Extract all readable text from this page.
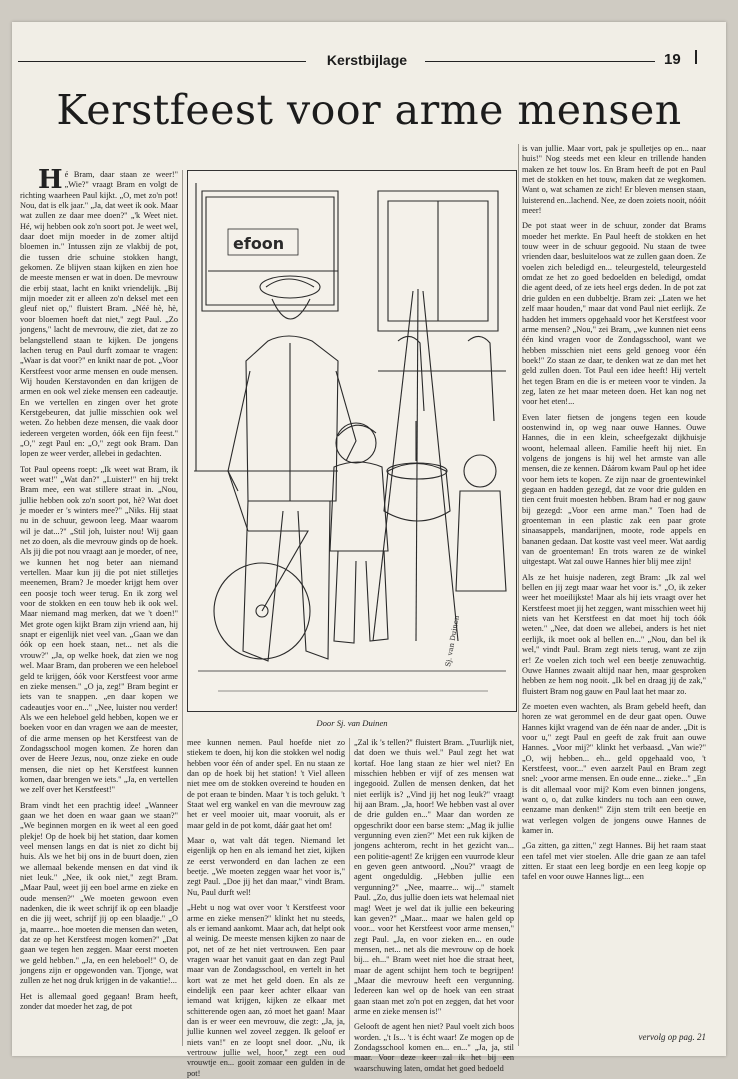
Kerstbijlage	19
Kerstfeest voor arme mensen

Hé Bram, daar staan ze weer!" „Wie?" vraagt Bram en volgt de richting waarheen Paul kijkt. „O, met zo'n pot! Nou, dat is elk jaar." „Ja, dat weet ik ook. Maar wat zullen ze daar mee doen?" „'k Weet niet. Hé, wij hebben ook zo'n soort pot. Je weet wel, daar doet mijn moeder in de zomer altijd bloemen in." Intussen zijn ze vlakbij de pot, die tussen drie schuine stokken hangt, gekomen. Ze blijven staan kijken en zien hoe de meeste mensen er wat in doen. De mevrouw die erbij staat, lacht en knikt vriendelijk. „Bij mijn moeder zit er alleen zo'n deksel met een gleuf niet op," fluistert Bram. „Néé hè, hè, voor bloemen hoeft dat niet," zegt Paul. „Zo jongens," lacht de mevrouw, die ziet, dat ze zo belangstellend staan te kijken. De jongens lachen terug en Paul durft zomaar te vragen: „Waar is dat voor?" en knikt naar de pot. „Voor Kerstfeest voor arme mensen en oude mensen. Wij houden Kerstavonden en dan krijgen de armen en ook wel zieke mensen een cadeautje. En we vertellen en zingen over het grote Kerstgebeuren, dat jullie misschien ook wel weten. Zo hebben deze mensen, die vaak door iedereen vergeten worden, óók een fijn feest." „O," zegt Paul en: „O," zegt ook Bram. Dan lopen ze weer verder, allebei in gedachten.

Tot Paul opeens roept: „Ik weet wat Bram, ik weet wat!" „Wat dan?" „Luister!" en hij trekt Bram mee, een wat stillere straat in. „Nou, jullie hebben ook zo'n soort pot, hè? Wat doet je moeder er 's winters mee?" „Niks. Hij staat nu in de schuur, gewoon leeg. Maar waarom wil je dat...?" „Stil joh, luister nou! Wij gaan net zo doen, als die mevrouw ginds op de hoek. Als jij die pot nou vraagt aan je moeder, of nee, we kunnen het nog beter aan niemand vertellen. Maar kun jij die pot niet stilletjes meenemen, Bram? Je moeder krijgt hem over een poosje toch weer terug. En ik zorg wel voor de stokken en een touw heb ik ook wel. Maar niemand mag merken, dat we 't doen!" Met grote ogen kijkt Bram zijn vriend aan, hij snapt er eigenlijk niet veel van. „Gaan we dan óók op een hoek staan, net... net als die vrouw?" „Ja, op welke hoek, dat zien we nog wel. Maar Bram, dan proberen we een heleboel geld te krijgen, óók voor Kerstfeest voor arme en zieke mensen." „O ja, zeg!" Bram begint er iets van te snappen. „en daar kopen we cadeautjes voor en..." „Nee, luister nou verder! Als we een heleboel geld hebben, kopen we er boeken voor en dan vragen we aan de meester, of die arme mensen op het Kerstfeest van de Zondagsschool mogen komen. Ze horen dan over de Heere Jezus, nou, onze zieke en oude mensen, die niet op het Kerstfeest kunnen komen, daar brengen we iets." „Ja, en vertellen we zelf over het Kerstfeest!"

Bram vindt het een prachtig idee! „Wanneer gaan we het doen en waar gaan we staan?" „We beginnen morgen en ik weet al een goed plekje! Op de hoek bij het station, daar komen veel mensen langs en dat is niet zo dicht bij huis. Als we het bij ons in de buurt doen, zien we allemaal bekende mensen en dat vind ik niet leuk." „Nee, ik ook niet," zegt Bram. „Maar Paul, weet jij een boel arme en zieke en oude mensen?" „We moeten gewoon even nadenken, die ik weet schrijf ik op een blaadje en die jij weet, schrijf jij op een blaadje." „O ja, maarre... hoe moeten die mensen dan weten, dat ze op het Kerstfeest mogen komen?" „Dat gaan we tegen hen zeggen. Maar eerst moeten we geld hebben." „Ja, en een heleboel!" O, de jongens zijn er opgewonden van. Tjonge, wat zullen ze het nog druk krijgen in de vakantie!...

Het is allemaal goed gegaan! Bram heeft, zonder dat moeder het zag, de pot

efoon
Sj. van Duinen
Door Sj. van Duinen

mee kunnen nemen. Paul hoefde niet zo stiekem te doen, hij kon die stokken wel nodig hebben voor één of ander spel. En nu staan ze dan op de hoek bij het station! 't Viel alleen niet mee om de stokken overeind te houden en de pot eraan te binden. Maar 't is toch gelukt. 't Staat wel erg wankel en van die mevrouw zag het er veel mooier uit, maar vooruit, als er maar geld in de pot komt, dáár gaat het om!

Maar o, wat valt dát tegen. Niemand let eigenlijk op hen en als iemand het ziet, kijken ze eerst verwonderd en dan lachen ze een beetje. „We moeten zeggen waar het voor is," zegt Paul. „Doe jij het dan maar," vindt Bram. Nu, Paul durft wel!

„Hebt u nog wat over voor 't Kerstfeest voor arme en zieke mensen?" klinkt het nu steeds, als er iemand aankomt. Maar ach, dat helpt ook al weinig. De meeste mensen kijken zo naar de pot, net of ze het niet vertrouwen. Een paar vragen waar het vanuit gaat en dan zegt Paul maar van de Zondagsschool, en vertelt in het kort wat ze met het geld doen. En als ze eindelijk een paar keer achter elkaar van iemand wat krijgen, kijken ze elkaar met schitterende ogen aan, zó moet het gaan! Maar dan is er weer een mevrouw, die zegt: „Ja, ja, jullie kunnen wel zoveel zeggen. Ik geloof er niets van!" en ze loopt snel door. „Nu, ik vertrouw jullie wel, hoor," zegt een oud vrouwtje en... gooit zomaar een gulden in de pot!

„Zal ik 's tellen?" fluistert Bram. „Tuurlijk niet, dat doen we thuis wel." Paul zegt het wat kortaf. Hoe lang staan ze hier wel niet? En misschien hebben er vijf of zes mensen wat ingegooid. Zullen de mensen denken, dat het niet eerlijk is? „Vind jij het nog leuk?" vraagt hij aan Bram. „Ja, hoor! We hebben vast al over de drie gulden en..." Maar dan worden ze opgeschrikt door een barse stem: „Mag ik jullie vergunning even zien?" Met een ruk kijken de jongens achterom, recht in het gezicht van... een politie-agent! Ze krijgen een vuurrode kleur en geven geen antwoord. „Nou?" vraagt de agent ongeduldig. „Hebben jullie een vergunning?" „Nee, maarre... wij..." stamelt Paul. „Zo, dus jullie doen iets wat helemaal niet mag! Weet je wel dat ik jullie een bekeuring kan geven?" „Maar... maar we halen geld op voor... voor het Kerstfeest voor arme mensen," zegt Paul. „Ja, en voor zieken en... en oude mensen, net... net als die mevrouw op de hoek bij... eh..." Bram weet niet hoe die straat heet, maar de agent schijnt hem toch te begrijpen! „Maar die mevrouw heeft een vergunning. Iedereen kan wel op de hoek van een straat gaan staan met zo'n pot en zeggen, dat het voor arme en zieke mensen is!"

Gelooft de agent hen niet? Paul voelt zich boos worden. „'t Is... 't is écht waar! Ze mogen op de Zondagsschool komen en... en..." „Ja, ja, stil maar. Voor deze keer zal ik het bij een waarschuwing laten, omdat het goed bedoeld

is van jullie. Maar vort, pak je spulletjes op en... naar huis!" Nog steeds met een kleur en trillende handen maken ze het touw los. En Bram heeft de pot en Paul met de stokken en het touw, maken dat ze wegkomen. Want o, wat schamen ze zich! Er bleven mensen staan, luisterend en...lachend. Nee, ze doen zoiets nooit, nóóit meer!

De pot staat weer in de schuur, zonder dat Brams moeder het merkte. En Paul heeft de stokken en het touw weer in de schuur gegooid. Nu staan de twee vrienden daar, besluiteloos wat ze zullen gaan doen. Ze voelen zich beledigd en... teleurgesteld, teleurgesteld omdat ze het zo goed bedoelden en beledigd, omdat die agent deed, of ze iets heel ergs deden. In de pot zat drie gulden en een dubbeltje. Bram zei: „Laten we het zelf maar houden," maar dat vond Paul niet eerlijk. Ze hadden het immers opgehaald voor het Kerstfeest voor arme mensen? „Nou," zei Bram, „we kunnen niet eens één kind vragen voor de Zondagsschool, want we hebben misschien niet eens geld genoeg voor één boek!" Zo staan ze daar, te denken wat ze dan met het geld zullen doen. Tot Paul een idee heeft! Hij vertelt het tegen Bram en die is er meteen voor te vinden. Ja zeg, laten ze het maar meteen doen. Het kan nog net voor het eten!...

Even later fietsen de jongens tegen een koude oostenwind in, op weg naar ouwe Hannes. Ouwe Hannes, die in een klein, scheefgezakt dijkhuisje woont, helemaal alleen. Familie heeft hij niet. En volgens de jongens is hij wel het armste van alle mensen, die ze kennen. Dáárom kwam Paul op het idee voor hem iets te kopen. Ze zijn naar de groentewinkel gegaan en hadden gezegd, dat ze voor drie gulden en tien cent fruit moesten hebben. Bram had er nog gauw bij gezegd: „Voor een arme man." Toen had de groenteman in een plastic zak een paar grote sinaasappels, mandarijnen, moote, rode appels en bananen gedaan. Dat kostte vast veel meer. Wat aardig van de groenteman! En trots waren ze de winkel uitgestapt. Wat zal ouwe Hannes hier blij mee zijn!

Als ze het huisje naderen, zegt Bram: „Ik zal wel bellen en jij zegt maar waar het voor is." „O, ik zeker weer het moeilijkste! Maar als hij iets vraagt over het Kerstfeest moet jij het zeggen, want misschien weet hij niets van het Kerstfeest en dat moet hij toch óók weten." „Nee, dat doen we allebei, anders is het niet eerlijk, ik moet ook al bellen en..." „Nou, dan bel ik wel," vindt Paul. Bram zegt niets terug, want ze zijn er! Ze voelen zich toch wel een beetje zenuwachtig. Ouwe Hannes zwaait altijd naar hen, maar gesproken hebben ze hem nog nooit. „Ik bel en draag jij de zak," fluistert Bram nog gauw en Paul laat het maar zo.

Ze moeten even wachten, als Bram gebeld heeft, dan horen ze wat gerommel en de deur gaat open. Ouwe Hannes kijkt vragend van de één naar de ander. „Dit is voor u," zegt Paul en geeft de zak fruit aan ouwe Hannes. „Voor mij?" klinkt het verbaasd. „Van wie?" „O, wij hebben... eh... geld opgehaald voo, 't Kerstfeest, voor..." even aarzelt Paul en Bram zegt snel: „voor arme mensen. En oude enne... zieke..." „En is dit allemaal voor mij? Kom even binnen jongens, want o, o, dat zulke kinders nu toch aan een ouwe, eenzame man denken!" Zijn stem trilt een beetje en wat verlegen volgen de jongens ouwe Hannes de kamer in.

„Ga zitten, ga zitten," zegt Hannes. Bij het raam staat een tafel met vier stoelen. Alle drie gaan ze aan tafel zitten. Er staat een leeg bordje en een leeg kopje op tafel en voor ouwe Hannes ligt... een

vervolg op pag. 21
